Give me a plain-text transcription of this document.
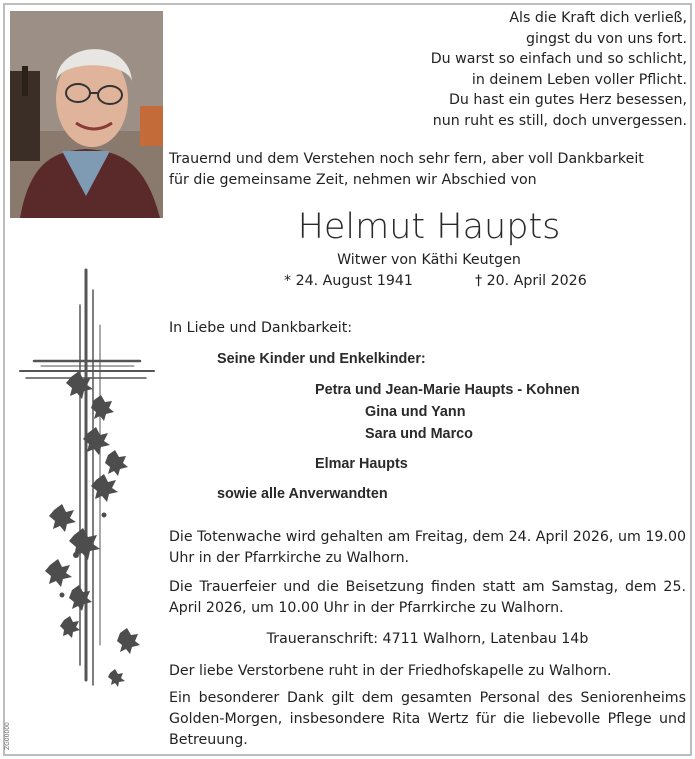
Als die Kraft dich verließ,
gingst du von uns fort.
Du warst so einfach und so schlicht,
in deinem Leben voller Pflicht.
Du hast ein gutes Herz besessen,
nun ruht es still, doch unvergessen.
Trauernd und dem Verstehen noch sehr fern, aber voll Dankbarkeit
für die gemeinsame Zeit, nehmen wir Abschied von
Helmut Haupts
Witwer von Käthi Keutgen
* 24. August 1941	† 20. April 2026
In Liebe und Dankbarkeit:
Seine Kinder und Enkelkinder:
Petra und Jean-Marie Haupts - Kohnen
Gina und Yann
Sara und Marco
Elmar Haupts
sowie alle Anverwandten
Die Totenwache wird gehalten am Freitag, dem 24. April 2026, um 19.00 Uhr in der Pfarrkirche zu Walhorn.
Die Trauerfeier und die Beisetzung finden statt am Samstag, dem 25. April 2026, um 10.00 Uhr in der Pfarrkirche zu Walhorn.
Traueranschrift: 4711 Walhorn, Latenbau 14b
Der liebe Verstorbene ruht in der Friedhofskapelle zu Walhorn.
Ein besonderer Dank gilt dem gesamten Personal des Seniorenheims Golden-Morgen, insbesondere Rita Wertz für die liebevolle Pflege und Betreuung.
ZG00000
